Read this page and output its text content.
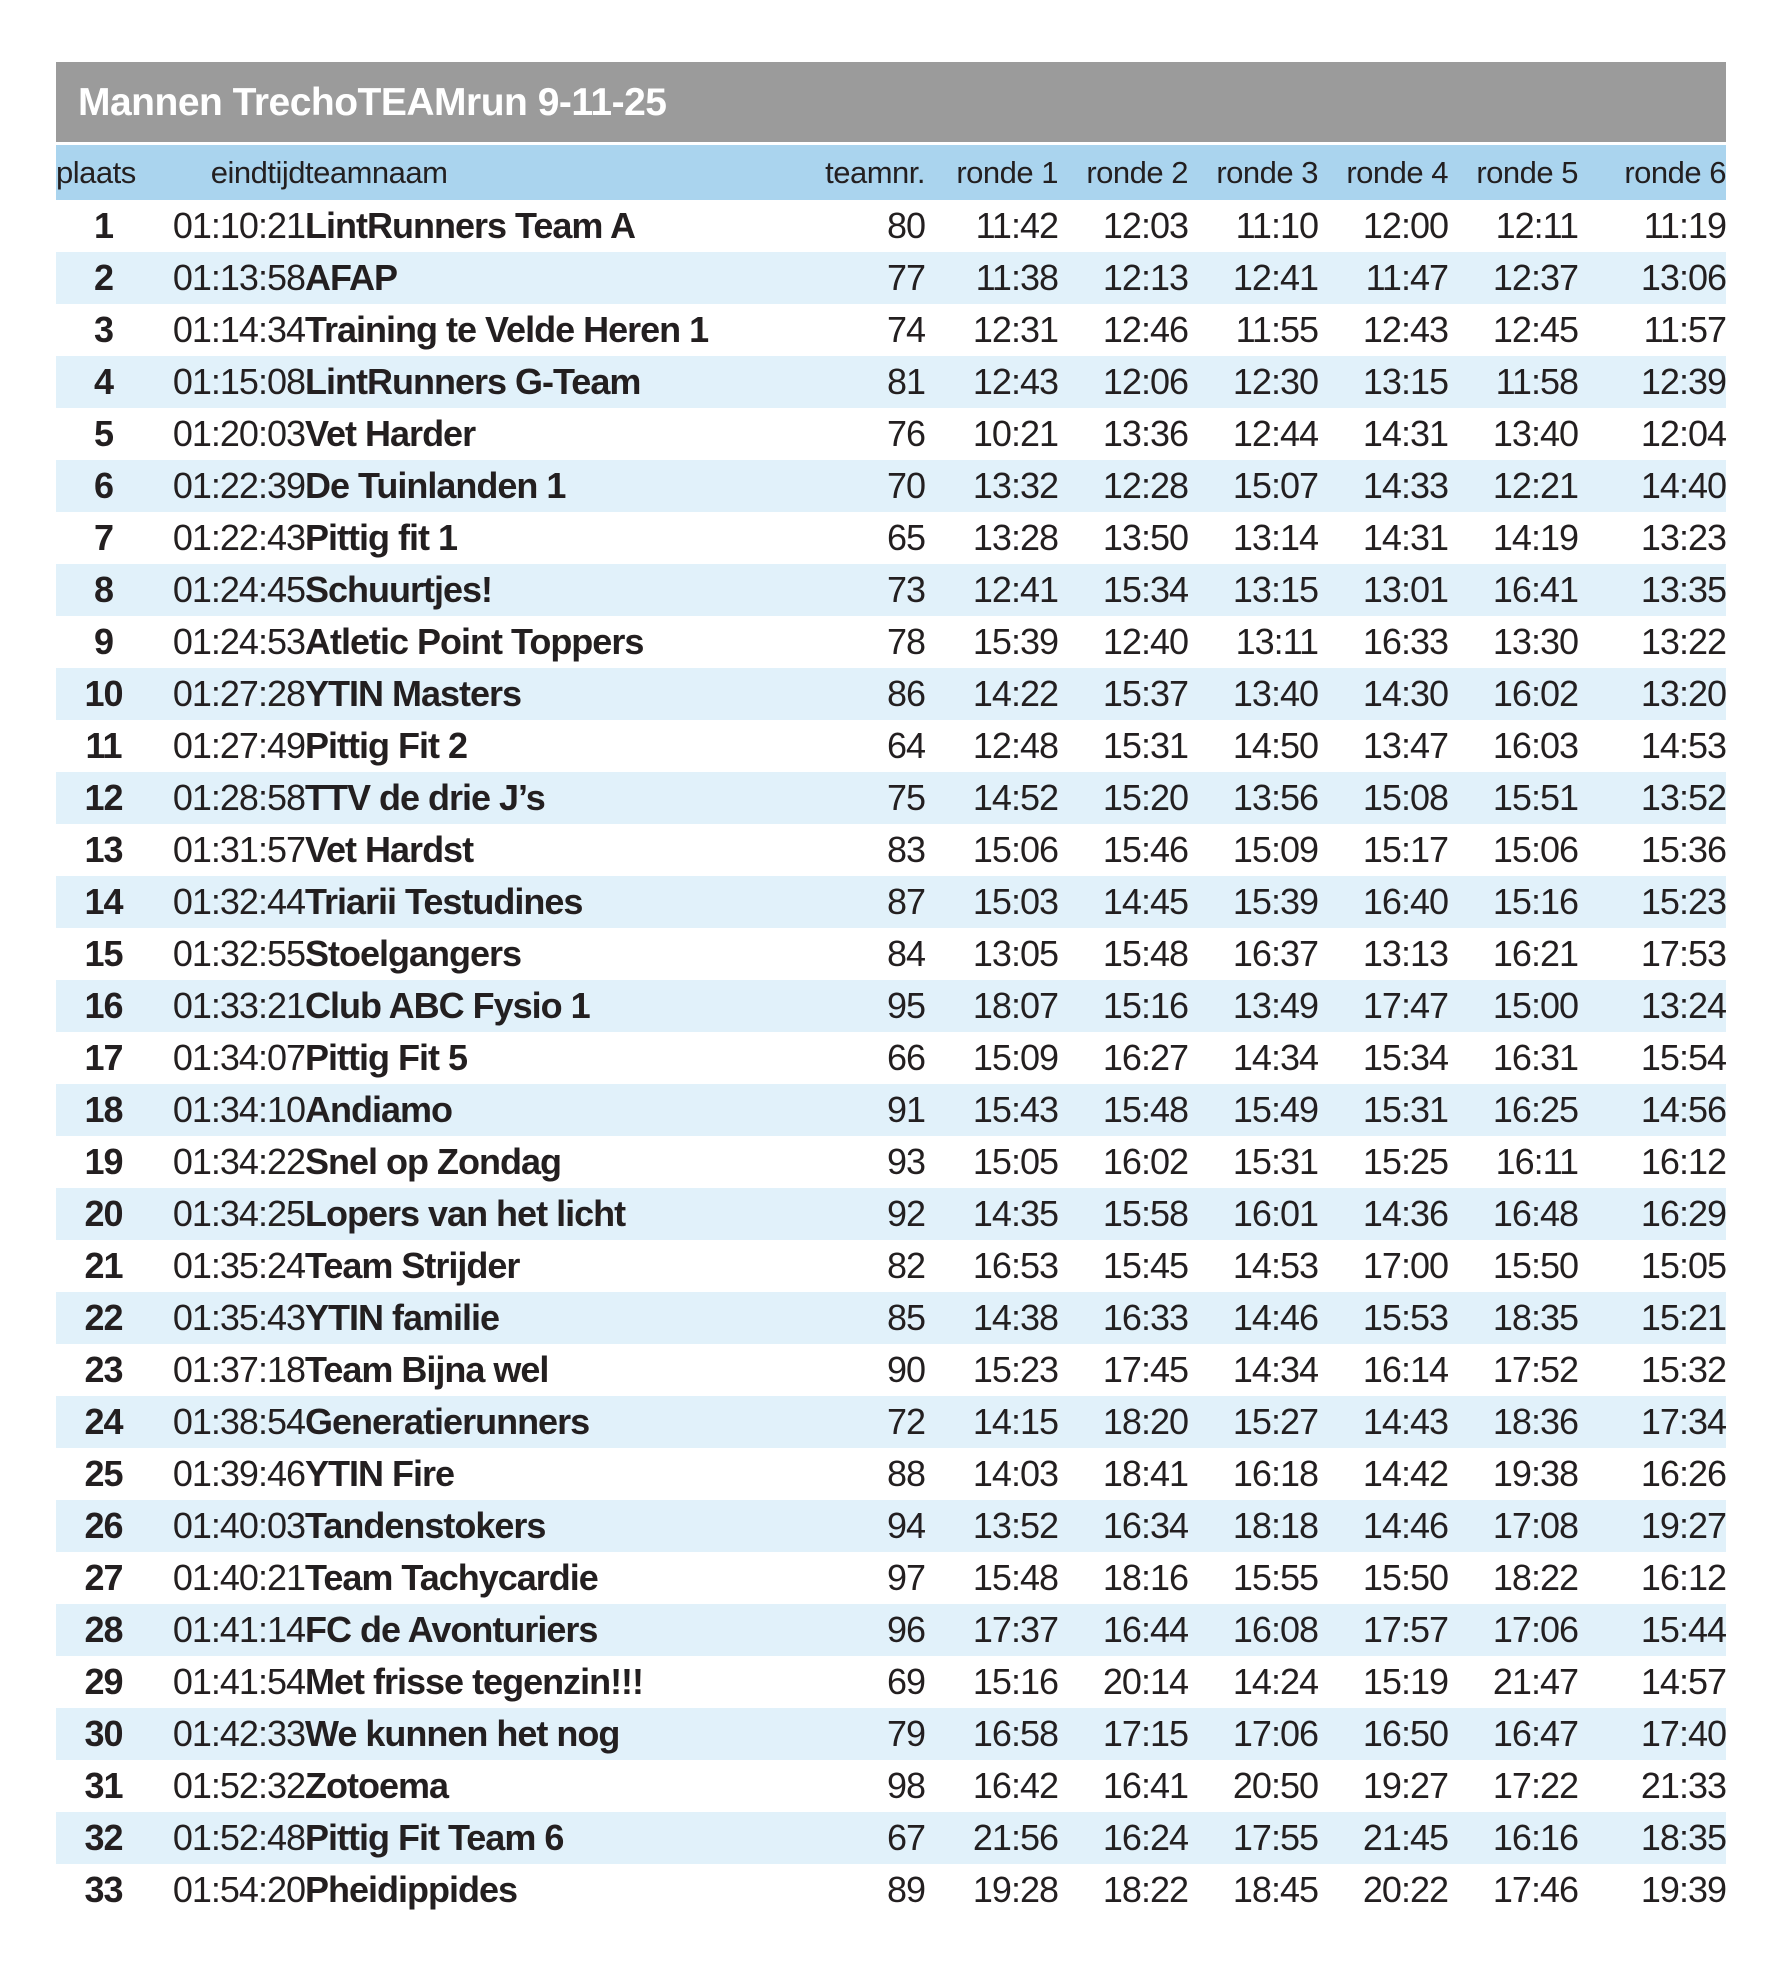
Mannen TrechoTEAMrun 9-11-25
plaats	eindtijd	teamnaam	teamnr.	ronde 1	ronde 2	ronde 3	ronde 4	ronde 5	ronde 6
1	01:10:21	LintRunners Team A	80	11:42	12:03	11:10	12:00	12:11	11:19
2	01:13:58	AFAP	77	11:38	12:13	12:41	11:47	12:37	13:06
3	01:14:34	Training te Velde Heren 1	74	12:31	12:46	11:55	12:43	12:45	11:57
4	01:15:08	LintRunners G-Team	81	12:43	12:06	12:30	13:15	11:58	12:39
5	01:20:03	Vet Harder	76	10:21	13:36	12:44	14:31	13:40	12:04
6	01:22:39	De Tuinlanden 1	70	13:32	12:28	15:07	14:33	12:21	14:40
7	01:22:43	Pittig fit 1	65	13:28	13:50	13:14	14:31	14:19	13:23
8	01:24:45	Schuurtjes!	73	12:41	15:34	13:15	13:01	16:41	13:35
9	01:24:53	Atletic Point Toppers	78	15:39	12:40	13:11	16:33	13:30	13:22
10	01:27:28	YTIN Masters	86	14:22	15:37	13:40	14:30	16:02	13:20
11	01:27:49	Pittig Fit 2	64	12:48	15:31	14:50	13:47	16:03	14:53
12	01:28:58	TTV de drie J’s	75	14:52	15:20	13:56	15:08	15:51	13:52
13	01:31:57	Vet Hardst	83	15:06	15:46	15:09	15:17	15:06	15:36
14	01:32:44	Triarii Testudines	87	15:03	14:45	15:39	16:40	15:16	15:23
15	01:32:55	Stoelgangers	84	13:05	15:48	16:37	13:13	16:21	17:53
16	01:33:21	Club ABC Fysio 1	95	18:07	15:16	13:49	17:47	15:00	13:24
17	01:34:07	Pittig Fit 5	66	15:09	16:27	14:34	15:34	16:31	15:54
18	01:34:10	Andiamo	91	15:43	15:48	15:49	15:31	16:25	14:56
19	01:34:22	Snel op Zondag	93	15:05	16:02	15:31	15:25	16:11	16:12
20	01:34:25	Lopers van het licht	92	14:35	15:58	16:01	14:36	16:48	16:29
21	01:35:24	Team Strijder	82	16:53	15:45	14:53	17:00	15:50	15:05
22	01:35:43	YTIN familie	85	14:38	16:33	14:46	15:53	18:35	15:21
23	01:37:18	Team Bijna wel	90	15:23	17:45	14:34	16:14	17:52	15:32
24	01:38:54	Generatierunners	72	14:15	18:20	15:27	14:43	18:36	17:34
25	01:39:46	YTIN Fire	88	14:03	18:41	16:18	14:42	19:38	16:26
26	01:40:03	Tandenstokers	94	13:52	16:34	18:18	14:46	17:08	19:27
27	01:40:21	Team Tachycardie	97	15:48	18:16	15:55	15:50	18:22	16:12
28	01:41:14	FC de Avonturiers	96	17:37	16:44	16:08	17:57	17:06	15:44
29	01:41:54	Met frisse tegenzin!!!	69	15:16	20:14	14:24	15:19	21:47	14:57
30	01:42:33	We kunnen het nog	79	16:58	17:15	17:06	16:50	16:47	17:40
31	01:52:32	Zotoema	98	16:42	16:41	20:50	19:27	17:22	21:33
32	01:52:48	Pittig Fit Team 6	67	21:56	16:24	17:55	21:45	16:16	18:35
33	01:54:20	Pheidippides	89	19:28	18:22	18:45	20:22	17:46	19:39
